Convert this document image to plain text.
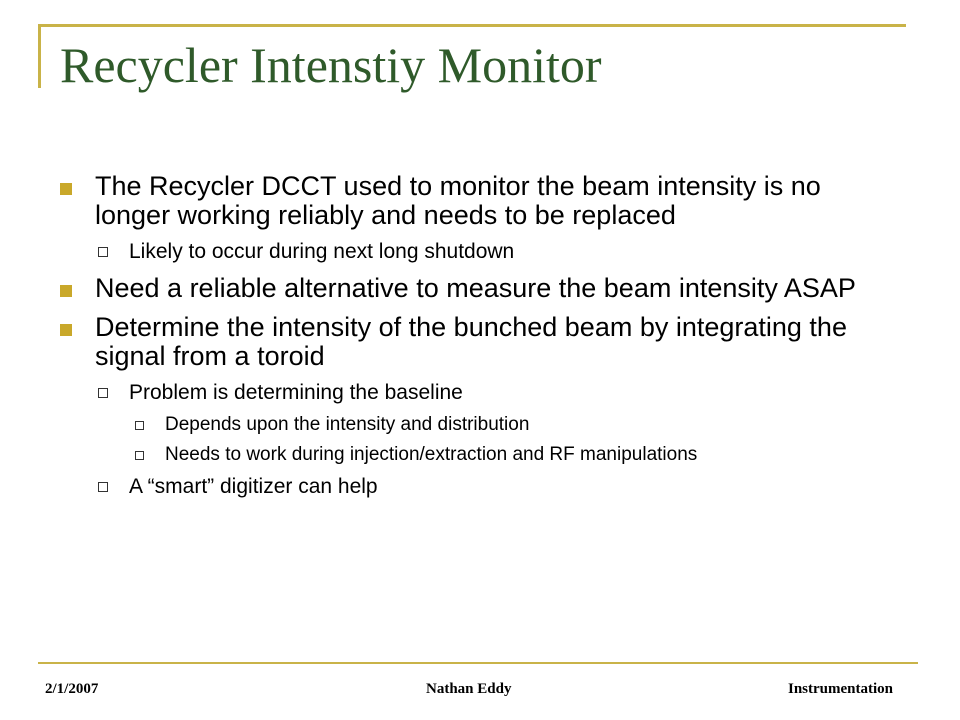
Recycler Intenstiy Monitor
The Recycler DCCT used to monitor the beam intensity is no longer working reliably and needs to be replaced
Likely to occur during next long shutdown
Need a reliable alternative to measure the beam intensity ASAP
Determine the intensity of the bunched beam by integrating the signal from a toroid
Problem is determining the baseline
Depends upon the intensity and distribution
Needs to work during injection/extraction and RF manipulations
A “smart” digitizer can help
2/1/2007	Nathan Eddy	Instrumentation
